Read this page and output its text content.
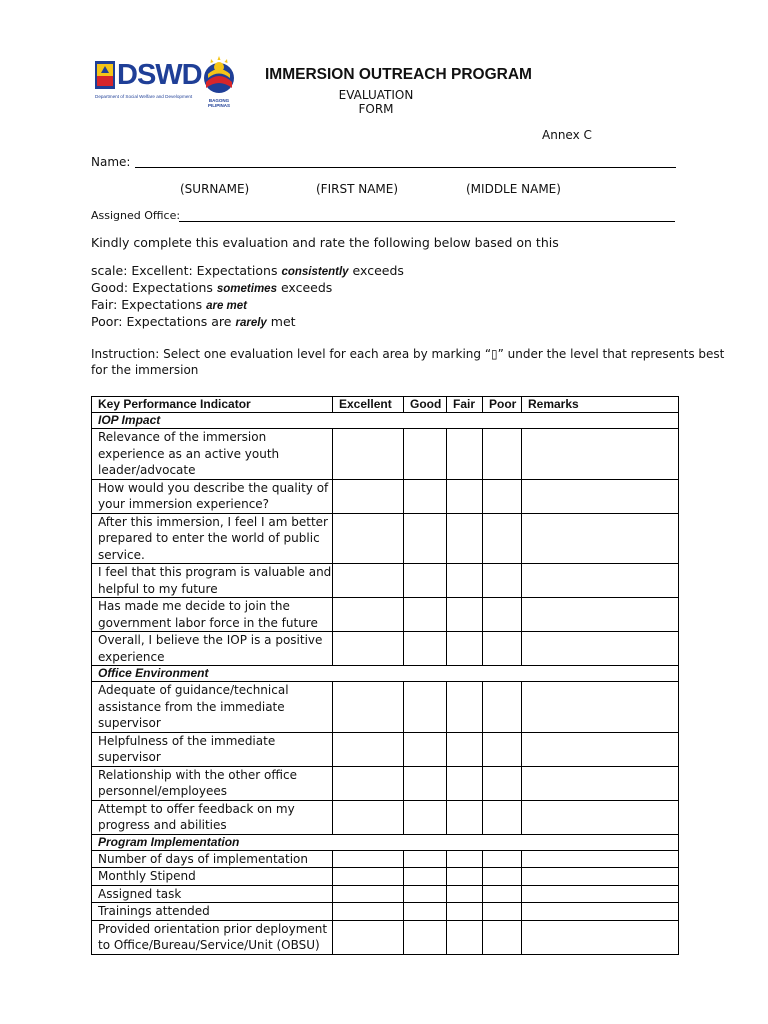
DSWD
Department of Social Welfare and Development
BAGONG PILIPINAS
IMMERSION OUTREACH PROGRAM
EVALUATION
FORM
Annex C
Name:
(SURNAME)	(FIRST NAME)	(MIDDLE NAME)
Assigned Office:
Kindly complete this evaluation and rate the following below based on this
scale: Excellent: Expectations consistently exceeds
Good: Expectations sometimes exceeds
Fair: Expectations are met
Poor: Expectations are rarely met
Instruction: Select one evaluation level for each area by marking “▯” under the level that represents best
for the immersion
Key Performance Indicator	Excellent	Good	Fair	Poor	Remarks
IOP Impact					
Relevance of the immersion experience as an active youth leader/advocate					
How would you describe the quality of your immersion experience?					
After this immersion, I feel I am better prepared to enter the world of public service.					
I feel that this program is valuable and helpful to my future					
Has made me decide to join the government labor force in the future					
Overall, I believe the IOP is a positive experience					
Office Environment					
Adequate of guidance/technical assistance from the immediate supervisor					
Helpfulness of the immediate supervisor					
Relationship with the other office personnel/employees					
Attempt to offer feedback on my progress and abilities					
Program Implementation					
Number of days of implementation					
Monthly Stipend					
Assigned task					
Trainings attended					
Provided orientation prior deployment to Office/Bureau/Service/Unit (OBSU)					
